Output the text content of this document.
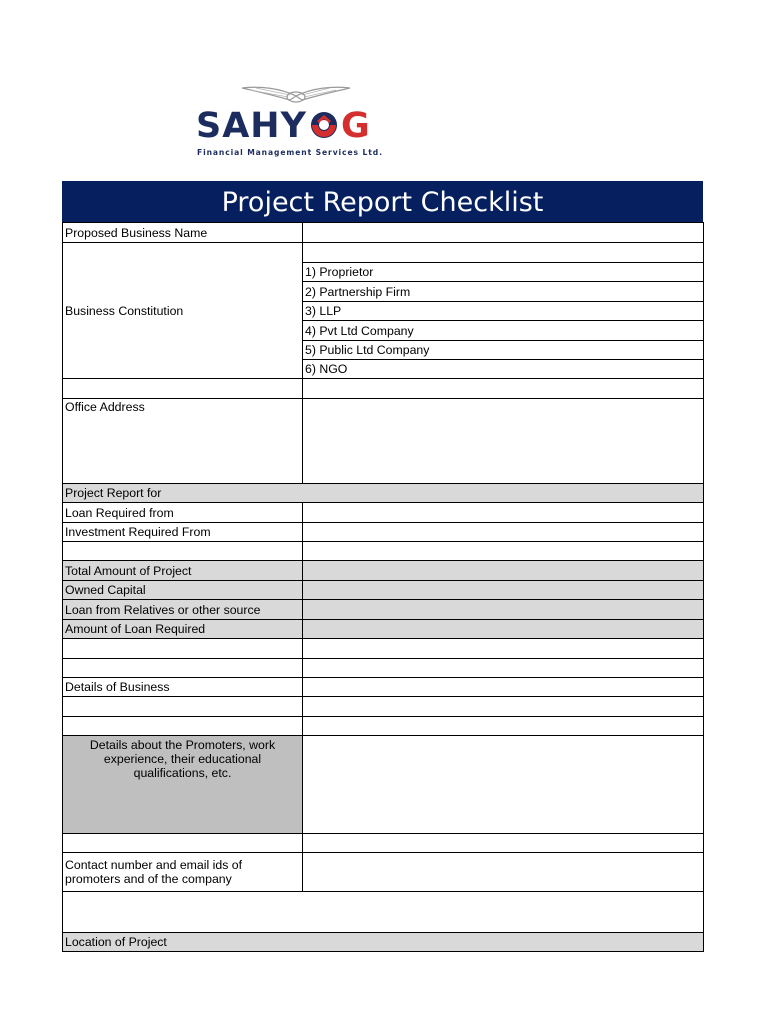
SAHY G
Financial Management Services Ltd.
Project Report Checklist
Proposed Business Name	
Business Constitution	
	1) Proprietor
	2) Partnership Firm
	3) LLP
	4) Pvt Ltd Company
	5) Public Ltd Company
	6) NGO

Office Address	
Project Report for	
Loan Required from	
Investment Required From	

Total Amount of Project	
Owned Capital	
Loan from Relatives or other source	
Amount of Loan Required	

Details of Business	

Details about the Promoters, work experience, their educational qualifications, etc.	

Contact number and email ids of promoters and of the company	

Location of Project	
